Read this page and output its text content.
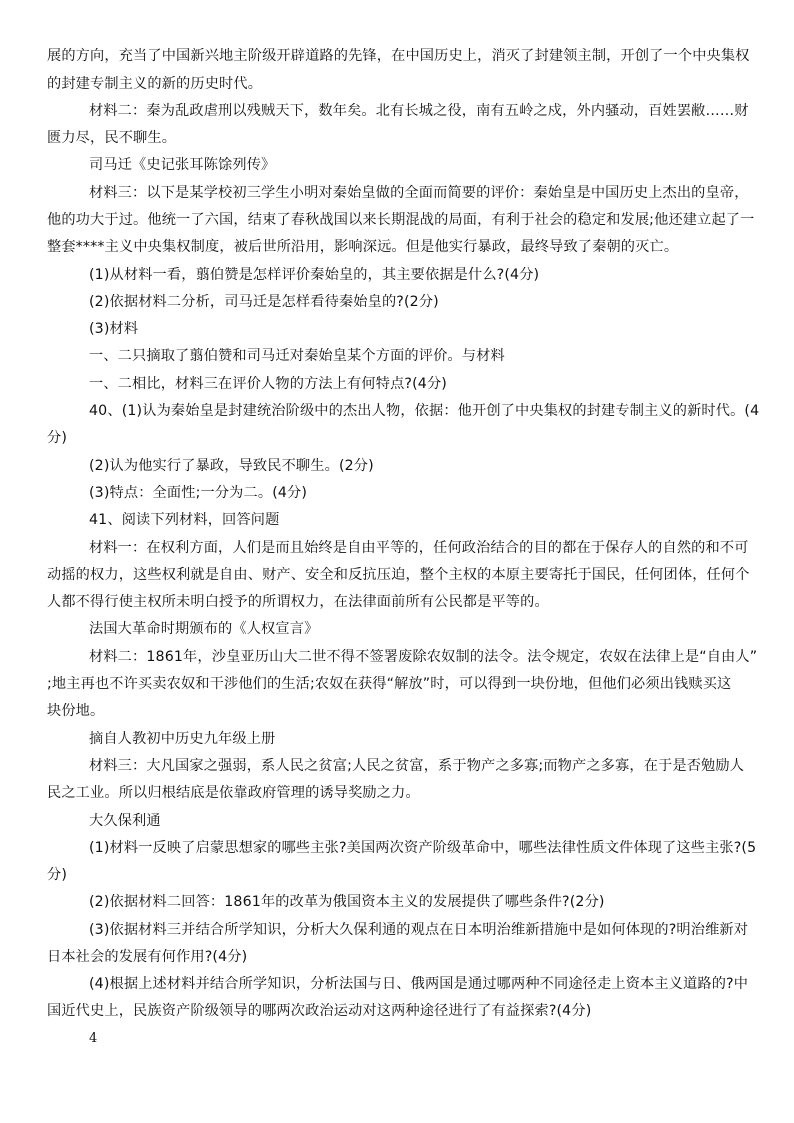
展的方向，充当了中国新兴地主阶级开辟道路的先锋，在中国历史上，消灭了封建领主制，开创了一个中央集权
的封建专制主义的新的历史时代。
材料二：秦为乱政虐刑以残贼天下，数年矣。北有长城之役，南有五岭之戍，外内骚动，百姓罢敝……财
匮力尽，民不聊生。
司马迁《史记张耳陈馀列传》
材料三：以下是某学校初三学生小明对秦始皇做的全面而简要的评价：秦始皇是中国历史上杰出的皇帝，
他的功大于过。他统一了六国，结束了春秋战国以来长期混战的局面，有利于社会的稳定和发展;他还建立起了一
整套****主义中央集权制度，被后世所沿用，影响深远。但是他实行暴政，最终导致了秦朝的灭亡。
(1)从材料一看，翦伯赞是怎样评价秦始皇的，其主要依据是什么?(4分)
(2)依据材料二分析，司马迁是怎样看待秦始皇的?(2分)
(3)材料
一、二只摘取了翦伯赞和司马迁对秦始皇某个方面的评价。与材料
一、二相比，材料三在评价人物的方法上有何特点?(4分)
40、(1)认为秦始皇是封建统治阶级中的杰出人物，依据：他开创了中央集权的封建专制主义的新时代。(4
分)
(2)认为他实行了暴政，导致民不聊生。(2分)
(3)特点：全面性;一分为二。(4分)
41、阅读下列材料，回答问题
材料一：在权利方面，人们是而且始终是自由平等的，任何政治结合的目的都在于保存人的自然的和不可
动摇的权力，这些权利就是自由、财产、安全和反抗压迫，整个主权的本原主要寄托于国民，任何团体，任何个
人都不得行使主权所未明白授予的所谓权力，在法律面前所有公民都是平等的。
法国大革命时期颁布的《人权宣言》
材料二：1861年，沙皇亚历山大二世不得不签署废除农奴制的法令。法令规定，农奴在法律上是“自由人”
;地主再也不许买卖农奴和干涉他们的生活;农奴在获得“解放”时，可以得到一块份地，但他们必须出钱赎买这
块份地。
摘自人教初中历史九年级上册
材料三：大凡国家之强弱，系人民之贫富;人民之贫富，系于物产之多寡;而物产之多寡，在于是否勉励人
民之工业。所以归根结底是依靠政府管理的诱导奖励之力。
大久保利通
(1)材料一反映了启蒙思想家的哪些主张?美国两次资产阶级革命中，哪些法律性质文件体现了这些主张?(5
分)
(2)依据材料二回答：1861年的改革为俄国资本主义的发展提供了哪些条件?(2分)
(3)依据材料三并结合所学知识，分析大久保利通的观点在日本明治维新措施中是如何体现的?明治维新对
日本社会的发展有何作用?(4分)
(4)根据上述材料并结合所学知识，分析法国与日、俄两国是通过哪两种不同途径走上资本主义道路的?中
国近代史上，民族资产阶级领导的哪两次政治运动对这两种途径进行了有益探索?(4分)
4
